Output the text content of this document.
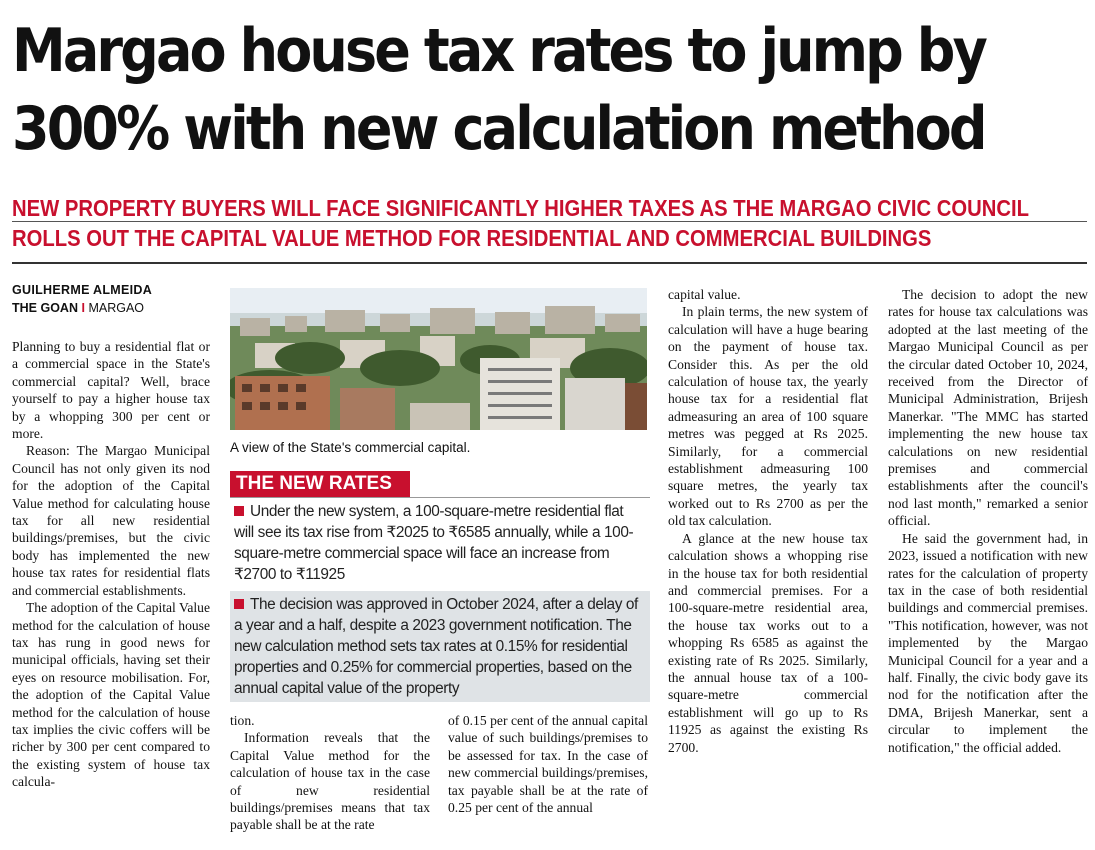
Margao house tax rates to jump by
300% with new calculation method
NEW PROPERTY BUYERS WILL FACE SIGNIFICANTLY HIGHER TAXES AS THE MARGAO CIVIC COUNCIL
ROLLS OUT THE CAPITAL VALUE METHOD FOR RESIDENTIAL AND COMMERCIAL BUILDINGS
GUILHERME ALMEIDA
THE GOAN I MARGAO

Planning to buy a residential flat or a commercial space in the State's commercial capital? Well, brace yourself to pay a higher house tax by a whopping 300 per cent or more.

Reason: The Margao Municipal Council has not only given its nod for the adoption of the Capital Value method for calculating house tax for all new residential buildings/premises, but the civic body has implemented the new house tax rates for residential flats and commercial establishments.

The adoption of the Capital Value method for the calculation of house tax has rung in good news for municipal officials, having set their eyes on resource mobilisation. For, the adoption of the Capital Value method for the calculation of house tax implies the civic coffers will be richer by 300 per cent compared to the existing system of house tax calcula-

A view of the State's commercial capital.
THE NEW RATES
Under the new system, a 100-square-metre residential flat will see its tax rise from ₹2025 to ₹6585 annually, while a 100-square-metre commercial space will face an increase from ₹2700 to ₹11925
The decision was approved in October 2024, after a delay of a year and a half, despite a 2023 government notification. The new calculation method sets tax rates at 0.15% for residential properties and 0.25% for commercial properties, based on the annual capital value of the property

tion.

Information reveals that the Capital Value method for the calculation of house tax in the case of new residential buildings/premises means that tax payable shall be at the rate

of 0.15 per cent of the annual capital value of such buildings/premises to be assessed for tax. In the case of new commercial buildings/premises, tax payable shall be at the rate of 0.25 per cent of the annual

capital value.

In plain terms, the new system of calculation will have a huge bearing on the payment of house tax. Consider this. As per the old calculation of house tax, the yearly house tax for a residential flat admeasuring an area of 100 square metres was pegged at Rs 2025. Similarly, for a commercial establishment admeasuring 100 square metres, the yearly tax worked out to Rs 2700 as per the old tax calculation.

A glance at the new house tax calculation shows a whopping rise in the house tax for both residential and commercial premises. For a 100-square-metre residential area, the house tax works out to a whopping Rs 6585 as against the existing rate of Rs 2025. Similarly, the annual house tax of a 100-square-metre commercial establishment will go up to Rs 11925 as against the existing Rs 2700.

The decision to adopt the new rates for house tax calculations was adopted at the last meeting of the Margao Municipal Council as per the circular dated October 10, 2024, received from the Director of Municipal Administration, Brijesh Manerkar. "The MMC has started implementing the new house tax calculations on new residential premises and commercial establishments after the council's nod last month," remarked a senior official.

He said the government had, in 2023, issued a notification with new rates for the calculation of property tax in the case of both residential buildings and commercial premises. "This notification, however, was not implemented by the Margao Municipal Council for a year and a half. Finally, the civic body gave its nod for the notification after the DMA, Brijesh Manerkar, sent a circular to implement the notification," the official added.
